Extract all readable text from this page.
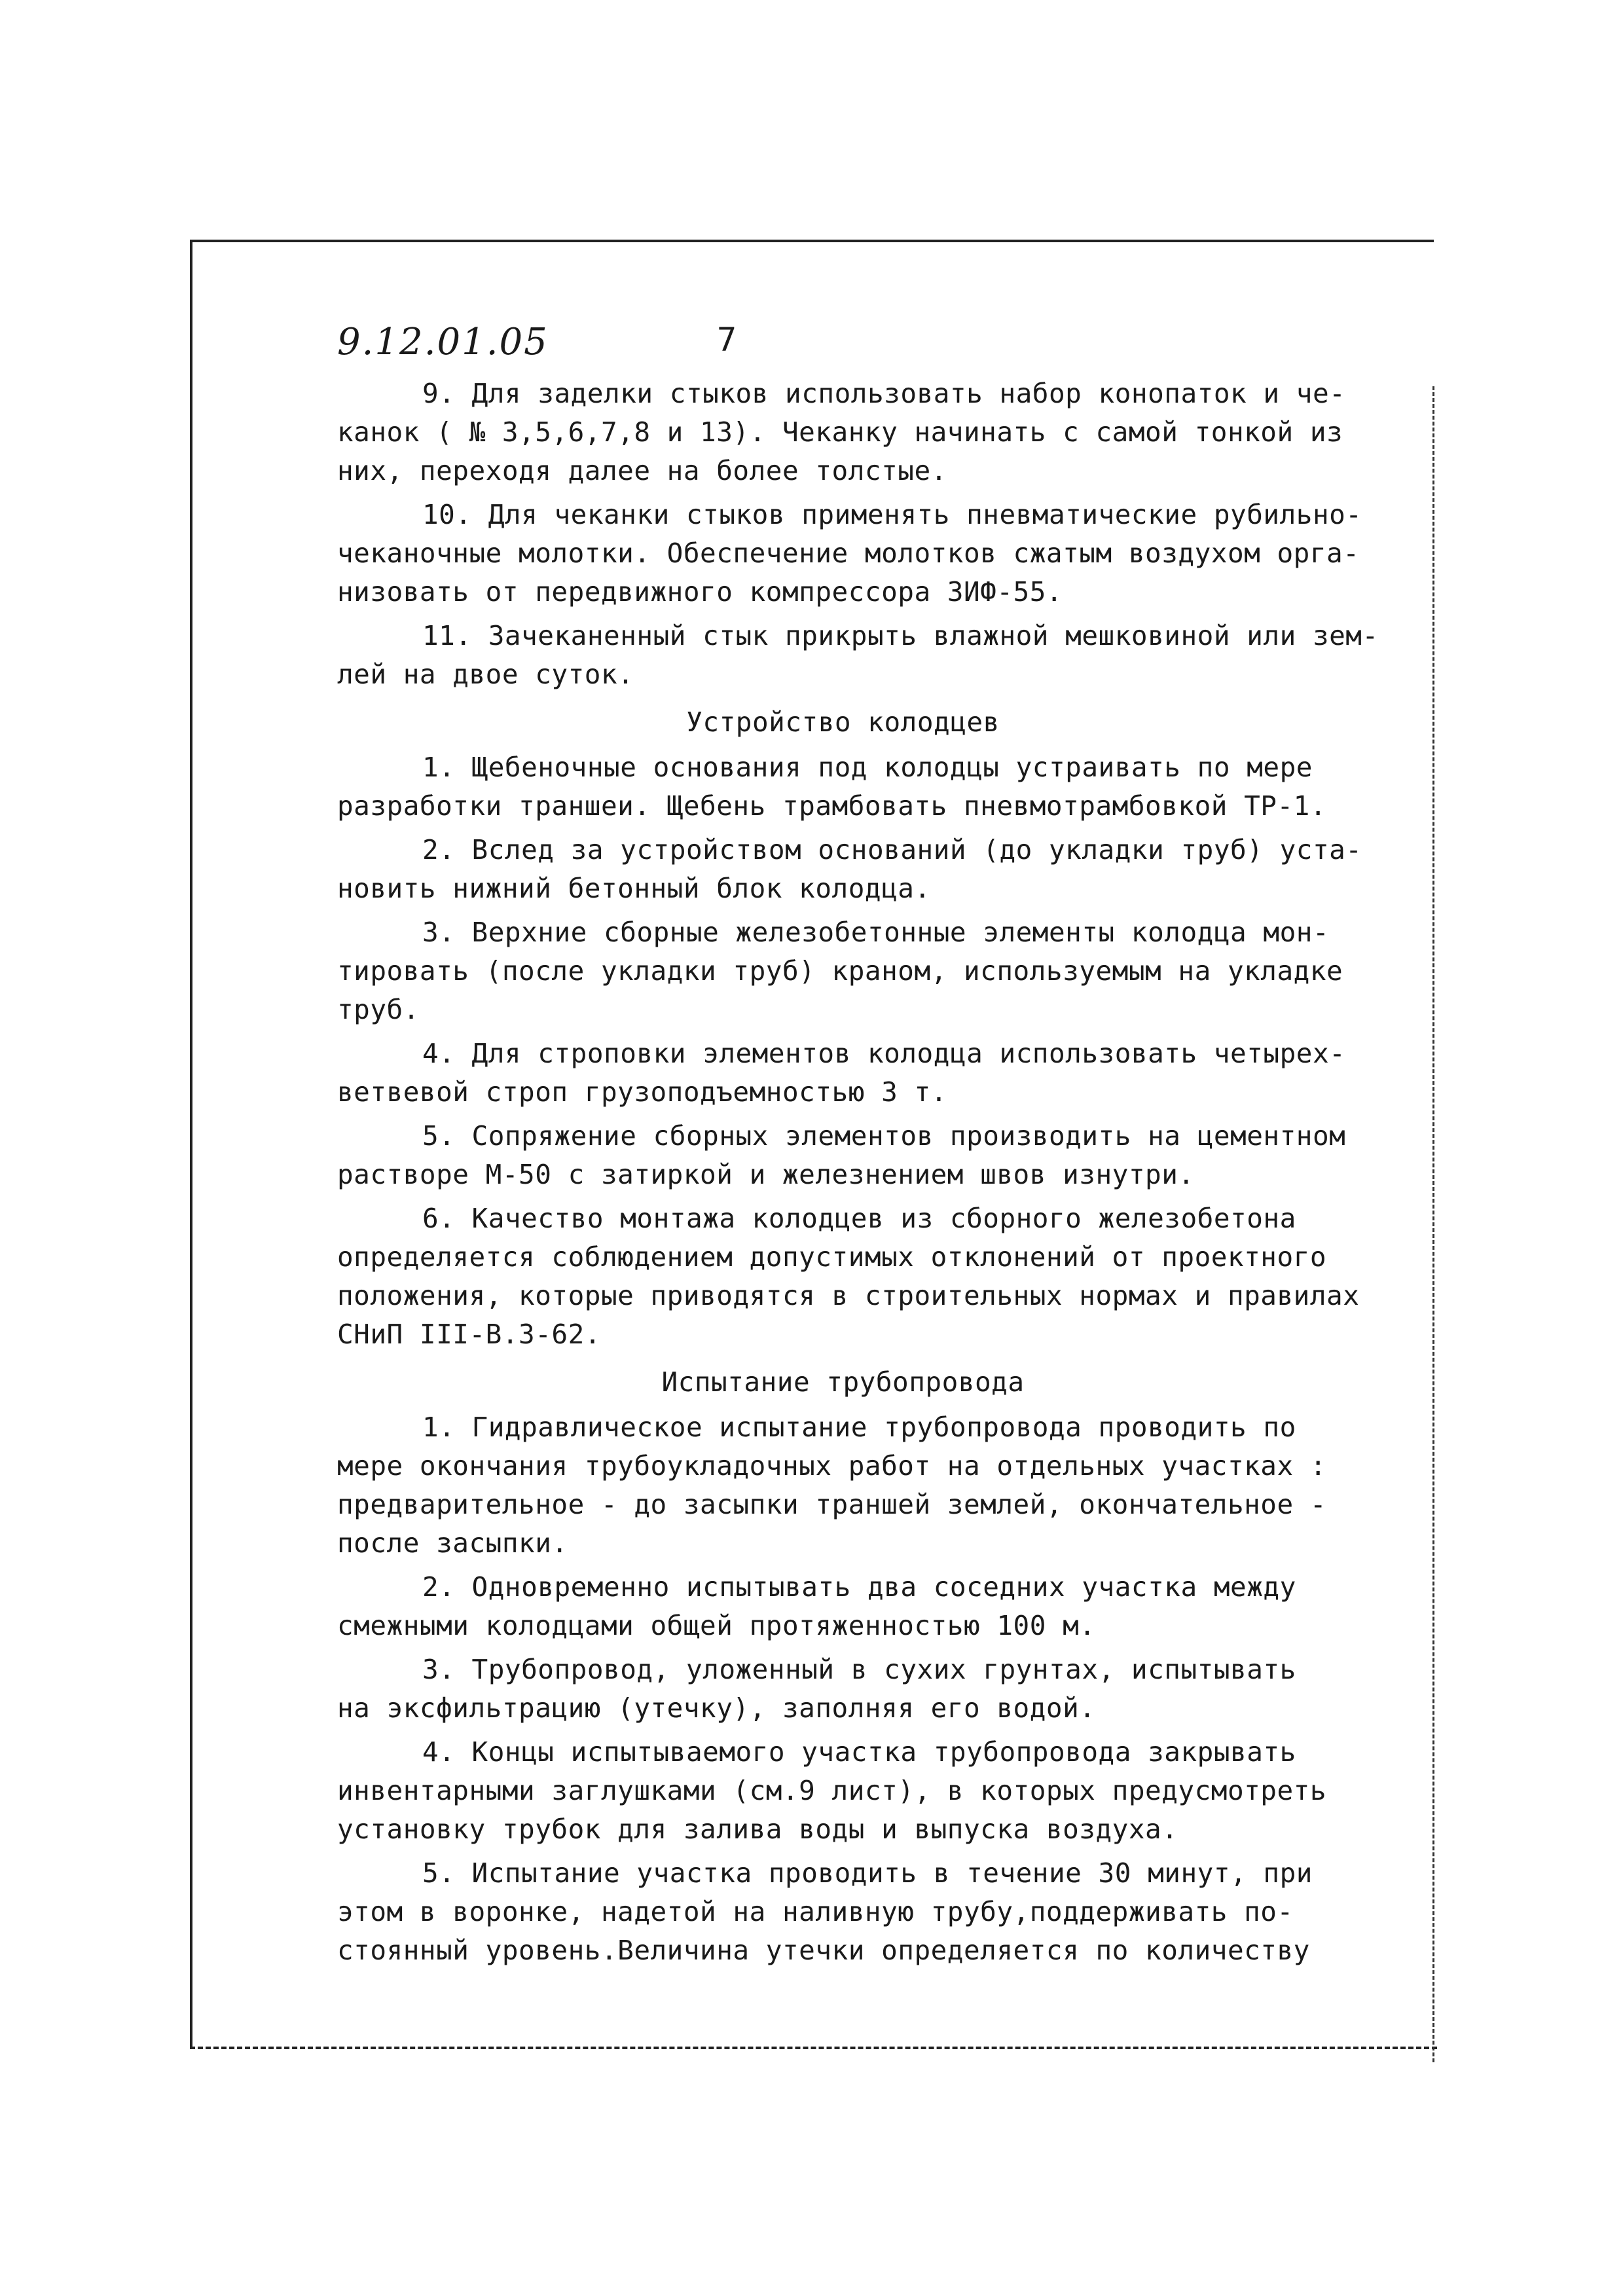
9.12.01.05	7
9. Для заделки стыков использовать набор конопаток и че-
канок ( № 3,5,6,7,8 и 13). Чеканку начинать с самой тонкой из
них, переходя далее на более толстые.
10. Для чеканки стыков применять пневматические рубильно-
чеканочные молотки. Обеспечение молотков сжатым воздухом орга-
низовать от передвижного компрессора ЗИФ-55.
11. Зачеканенный стык прикрыть влажной мешковиной или зем-
лей на двое суток.
Устройство колодцев
1. Щебеночные основания под колодцы устраивать по мере
разработки траншеи. Щебень трамбовать пневмотрамбовкой ТР-1.
2. Вслед за устройством оснований (до укладки труб) уста-
новить нижний бетонный блок колодца.
3. Верхние сборные железобетонные элементы колодца мон-
тировать (после укладки труб) краном, используемым на укладке
труб.
4. Для строповки элементов колодца использовать четырех-
ветвевой строп грузоподъемностью 3 т.
5. Сопряжение сборных элементов производить на цементном
растворе М-50 с затиркой и железнением швов изнутри.
6. Качество монтажа колодцев из сборного железобетона
определяется соблюдением допустимых отклонений от проектного
положения, которые приводятся в строительных нормах и правилах
СНиП III-В.3-62.
Испытание трубопровода
1. Гидравлическое испытание трубопровода проводить по
мере окончания трубоукладочных работ на отдельных участках :
предварительное - до засыпки траншей землей, окончательное -
после засыпки.
2. Одновременно испытывать два соседних участка между
смежными колодцами общей протяженностью 100 м.
3. Трубопровод, уложенный в сухих грунтах, испытывать
на эксфильтрацию (утечку), заполняя его водой.
4. Концы испытываемого участка трубопровода закрывать
инвентарными заглушками (см.9 лист), в которых предусмотреть
установку трубок для залива воды и выпуска воздуха.
5. Испытание участка проводить в течение 30 минут, при
этом в воронке, надетой на наливную трубу,поддерживать по-
стоянный уровень.Величина утечки определяется по количеству
